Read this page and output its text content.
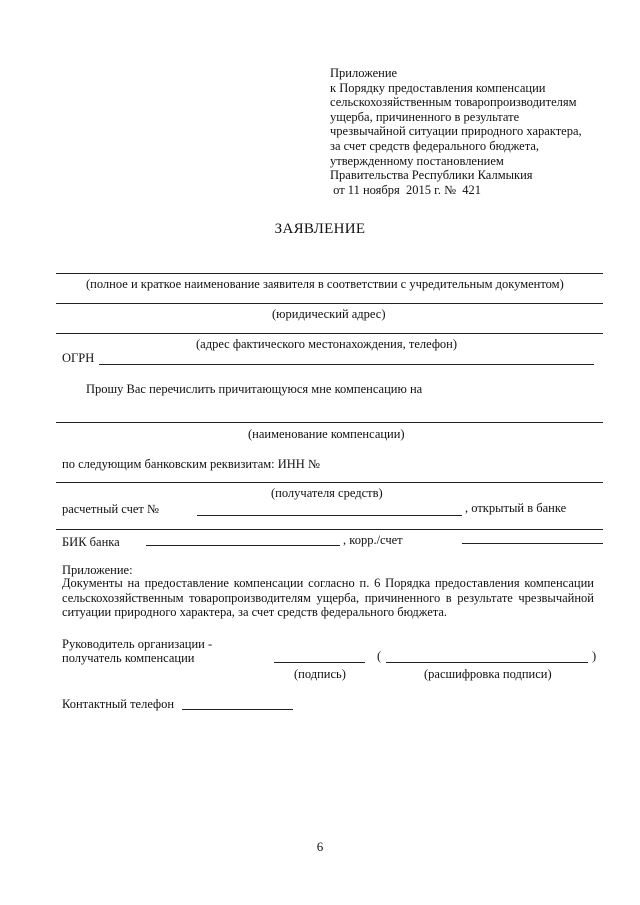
Приложение
к Порядку предоставления компенсации
сельскохозяйственным товаропроизводителям
ущерба, причиненного в результате
чрезвычайной ситуации природного характера,
за счет средств федерального бюджета,
утвержденному постановлением
Правительства Республики Калмыкия
от 11 ноября  2015 г. №  421
ЗАЯВЛЕНИЕ
(полное и краткое наименование заявителя в соответствии с учредительным документом)
(юридический адрес)
(адрес фактического местонахождения, телефон)
ОГРН
Прошу Вас перечислить причитающуюся мне компенсацию на
(наименование компенсации)
по следующим банковским реквизитам: ИНН №
(получателя средств)
расчетный счет №	, открытый в банке
БИК банка	, корр./счет
Приложение:
Документы на предоставление компенсации согласно п. 6 Порядка предоставления компенсации сельскохозяйственным товаропроизводителям ущерба, причиненного в результате чрезвычайной ситуации природного характера, за счет средств федерального бюджета.
Руководитель организации -
получатель компенсации	(	)
(подпись)	(расшифровка подписи)
Контактный телефон
6
